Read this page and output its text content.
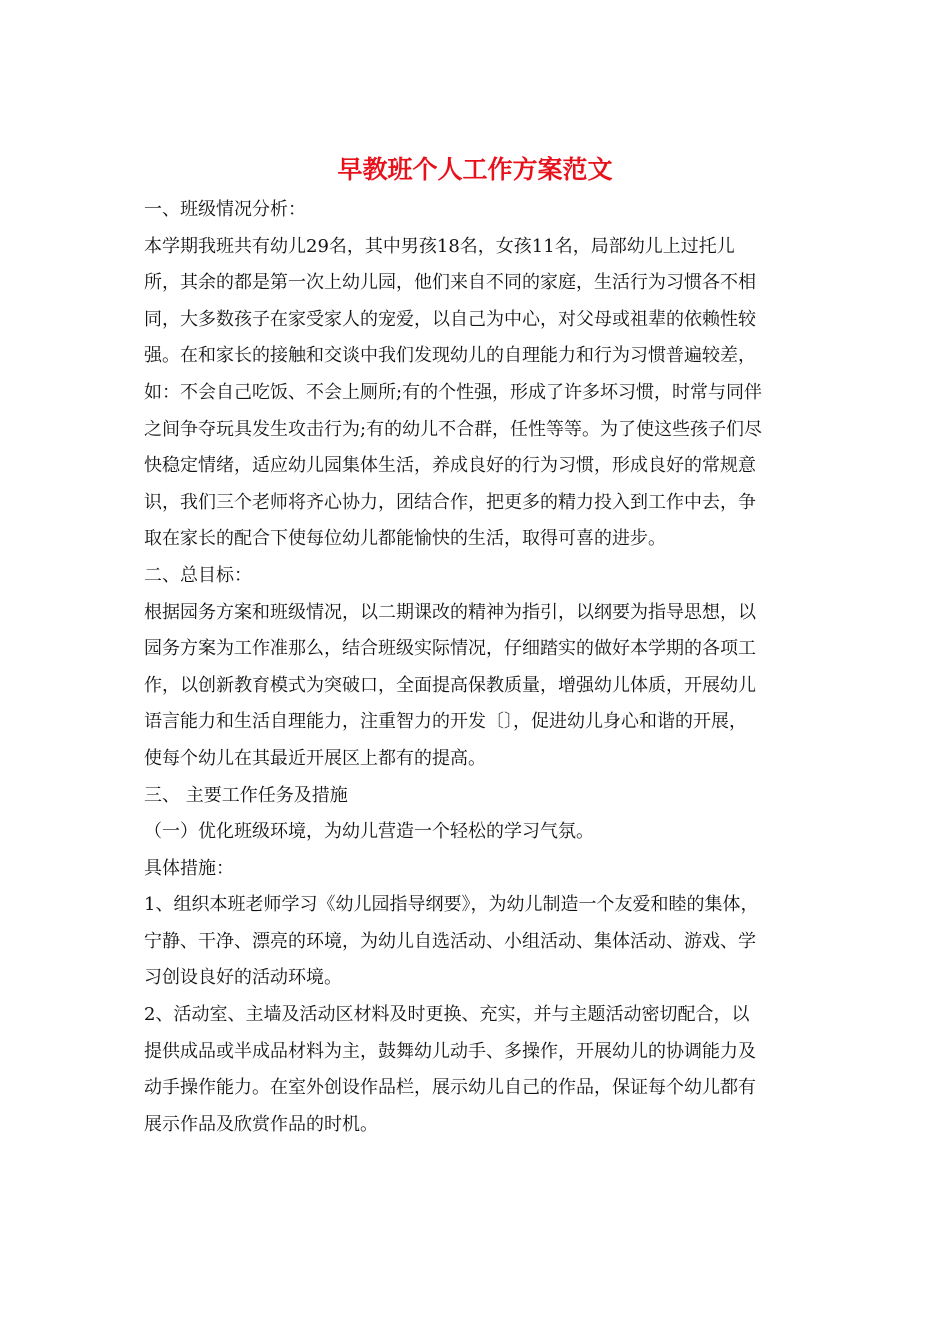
早教班个人工作方案范文
一、班级情况分析：
本学期我班共有幼儿29名，其中男孩18名，女孩11名，局部幼儿上过托儿
所，其余的都是第一次上幼儿园，他们来自不同的家庭，生活行为习惯各不相
同，大多数孩子在家受家人的宠爱，以自己为中心，对父母或祖辈的依赖性较
强。在和家长的接触和交谈中我们发现幼儿的自理能力和行为习惯普遍较差，
如：不会自己吃饭、不会上厕所;有的个性强，形成了许多坏习惯，时常与同伴
之间争夺玩具发生攻击行为;有的幼儿不合群，任性等等。为了使这些孩子们尽
快稳定情绪，适应幼儿园集体生活，养成良好的行为习惯，形成良好的常规意
识，我们三个老师将齐心协力，团结合作，把更多的精力投入到工作中去，争
取在家长的配合下使每位幼儿都能愉快的生活，取得可喜的进步。
二、总目标：
根据园务方案和班级情况，以二期课改的精神为指引，以纲要为指导思想，以
园务方案为工作准那么，结合班级实际情况，仔细踏实的做好本学期的各项工
作，以创新教育模式为突破口，全面提高保教质量，增强幼儿体质，开展幼儿
语言能力和生活自理能力，注重智力的开发〔〕，促进幼儿身心和谐的开展，
使每个幼儿在其最近开展区上都有的提高。
三、 主要工作任务及措施
（一）优化班级环境，为幼儿营造一个轻松的学习气氛。
具体措施：
1、组织本班老师学习《幼儿园指导纲要》，为幼儿制造一个友爱和睦的集体，
宁静、干净、漂亮的环境，为幼儿自选活动、小组活动、集体活动、游戏、学
习创设良好的活动环境。
2、活动室、主墙及活动区材料及时更换、充实，并与主题活动密切配合，以
提供成品或半成品材料为主，鼓舞幼儿动手、多操作，开展幼儿的协调能力及
动手操作能力。在室外创设作品栏，展示幼儿自己的作品，保证每个幼儿都有
展示作品及欣赏作品的时机。
